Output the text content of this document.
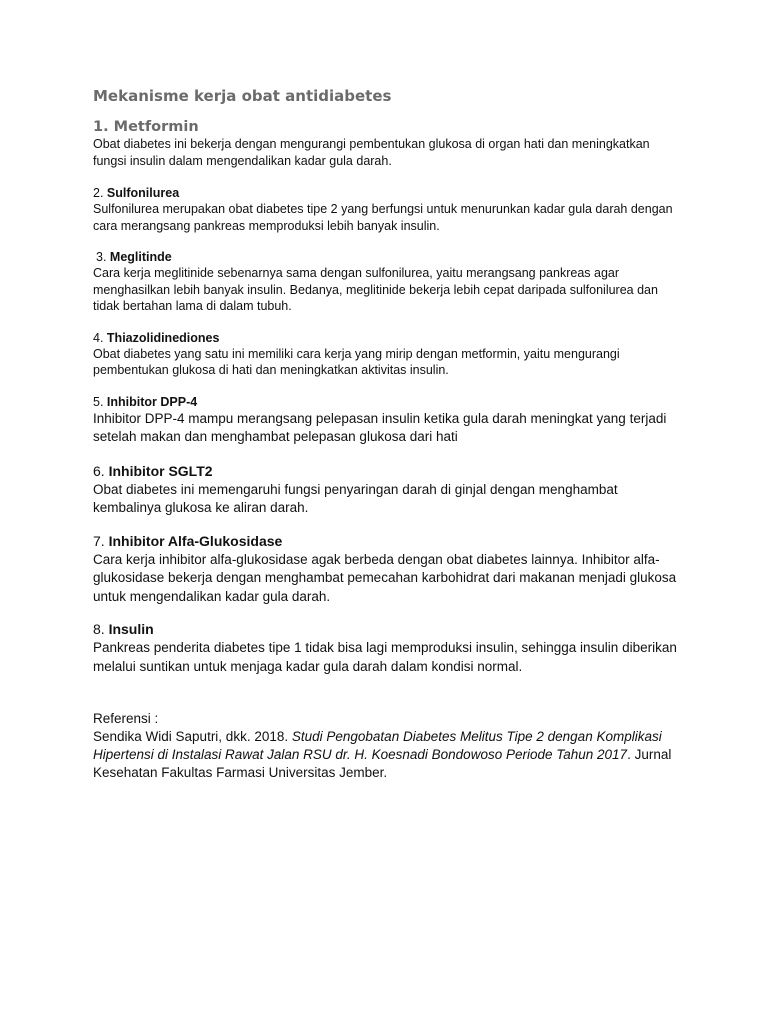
Mekanisme kerja obat antidiabetes
1. Metformin
Obat diabetes ini bekerja dengan mengurangi pembentukan glukosa di organ hati dan meningkatkan fungsi insulin dalam mengendalikan kadar gula darah.
2. Sulfonilurea
Sulfonilurea merupakan obat diabetes tipe 2 yang berfungsi untuk menurunkan kadar gula darah dengan cara merangsang pankreas memproduksi lebih banyak insulin.
3. Meglitinde
Cara kerja meglitinide sebenarnya sama dengan sulfonilurea, yaitu merangsang pankreas agar menghasilkan lebih banyak insulin. Bedanya, meglitinide bekerja lebih cepat daripada sulfonilurea dan tidak bertahan lama di dalam tubuh.
4. Thiazolidinediones
Obat diabetes yang satu ini memiliki cara kerja yang mirip dengan metformin, yaitu mengurangi pembentukan glukosa di hati dan meningkatkan aktivitas insulin.
5. Inhibitor DPP-4
Inhibitor DPP-4 mampu merangsang pelepasan insulin ketika gula darah meningkat yang terjadi setelah makan dan menghambat pelepasan glukosa dari hati
6. Inhibitor SGLT2
Obat diabetes ini memengaruhi fungsi penyaringan darah di ginjal dengan menghambat kembalinya glukosa ke aliran darah.
7. Inhibitor Alfa-Glukosidase
Cara kerja inhibitor alfa-glukosidase agak berbeda dengan obat diabetes lainnya. Inhibitor alfa-glukosidase bekerja dengan menghambat pemecahan karbohidrat dari makanan menjadi glukosa untuk mengendalikan kadar gula darah.
8. Insulin
Pankreas penderita diabetes tipe 1 tidak bisa lagi memproduksi insulin, sehingga insulin diberikan melalui suntikan untuk menjaga kadar gula darah dalam kondisi normal.
Referensi :
Sendika Widi Saputri, dkk. 2018. Studi Pengobatan Diabetes Melitus Tipe 2 dengan Komplikasi Hipertensi di Instalasi Rawat Jalan RSU dr. H. Koesnadi Bondowoso Periode Tahun 2017. Jurnal Kesehatan Fakultas Farmasi Universitas Jember.
